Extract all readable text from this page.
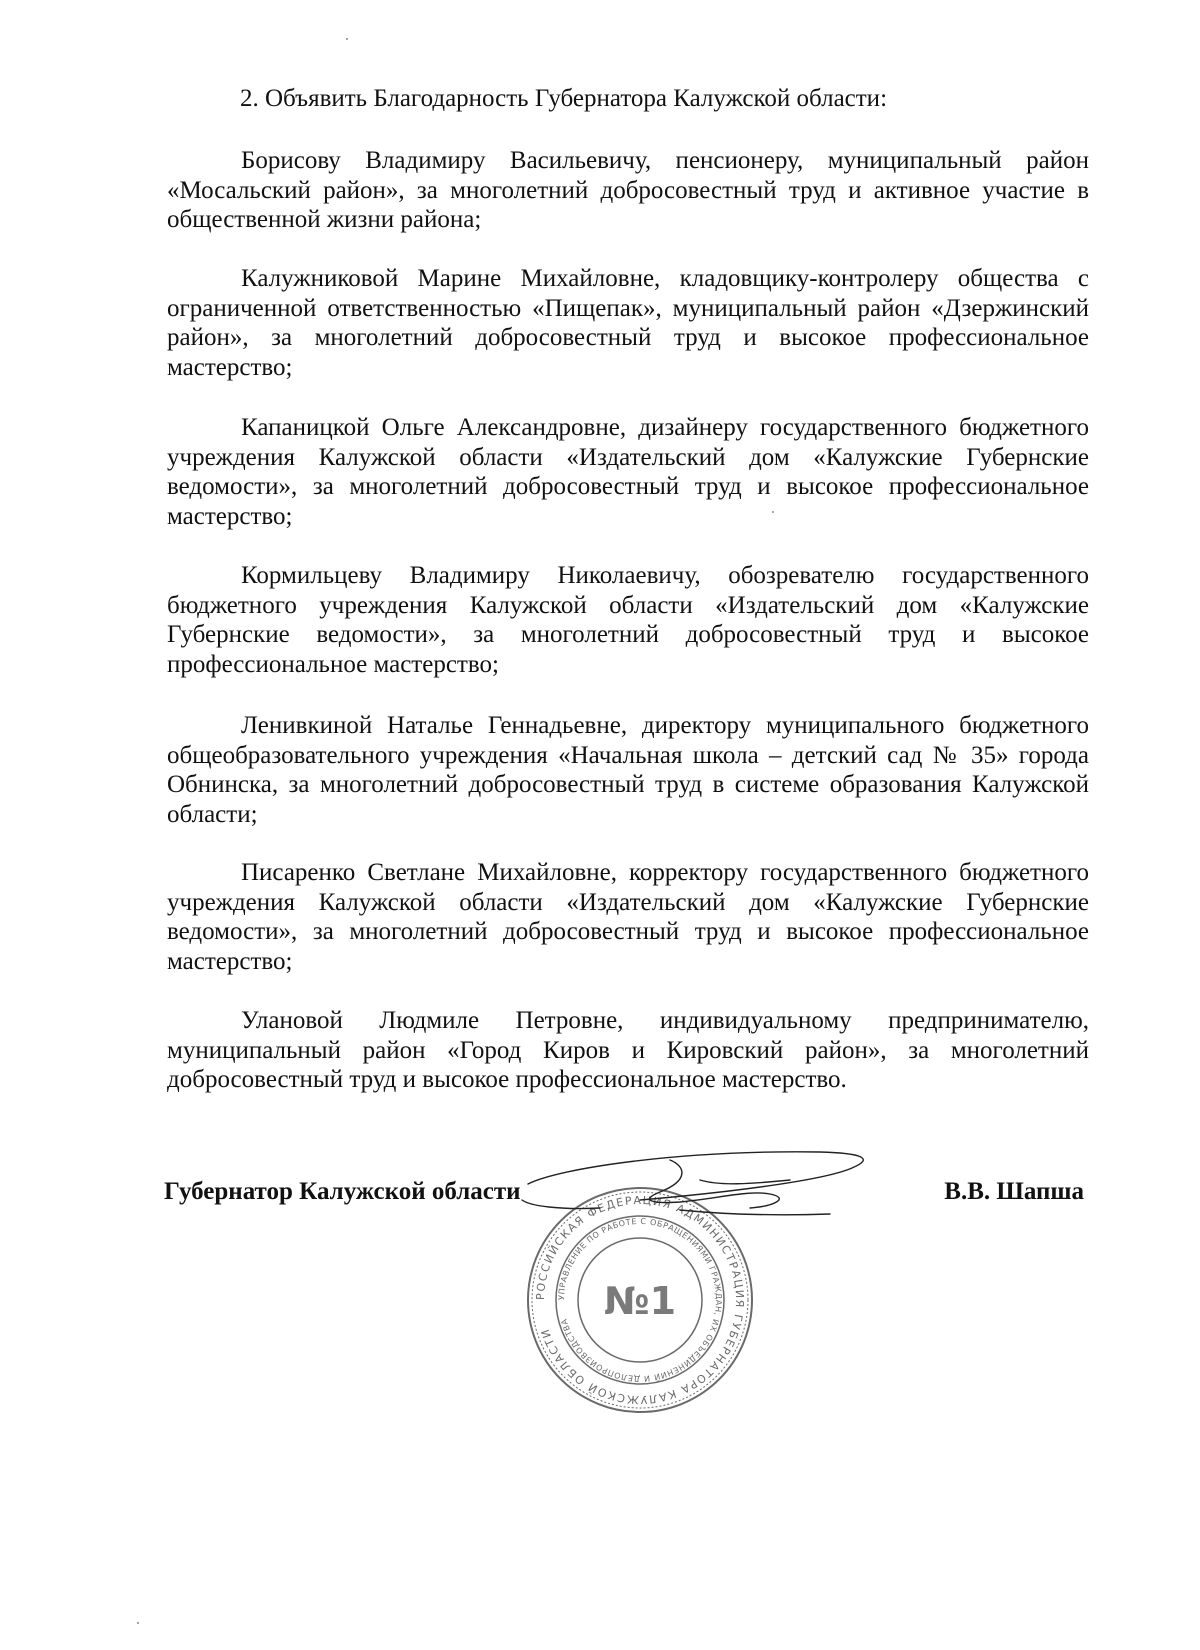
2. Объявить Благодарность Губернатора Калужской области:
Борисову Владимиру Васильевичу, пенсионеру, муниципальный район «Мосальский район», за многолетний добросовестный труд и активное участие в общественной жизни района;
Калужниковой Марине Михайловне, кладовщику-контролеру общества с ограниченной ответственностью «Пищепак», муниципальный район «Дзержинский район», за многолетний добросовестный труд и высокое профессиональное мастерство;
Капаницкой Ольге Александровне, дизайнеру государственного бюджетного учреждения Калужской области «Издательский дом «Калужские Губернские ведомости», за многолетний добросовестный труд и высокое профессиональное мастерство;
Кормильцеву Владимиру Николаевичу, обозревателю государственного бюджетного учреждения Калужской области «Издательский дом «Калужские Губернские ведомости», за многолетний добросовестный труд и высокое профессиональное мастерство;
Ленивкиной Наталье Геннадьевне, директору муниципального бюджетного общеобразовательного учреждения «Начальная школа – детский сад № 35» города Обнинска, за многолетний добросовестный труд в системе образования Калужской области;
Писаренко Светлане Михайловне, корректору государственного бюджетного учреждения Калужской области «Издательский дом «Калужские Губернские ведомости», за многолетний добросовестный труд и высокое профессиональное мастерство;
Улановой Людмиле Петровне, индивидуальному предпринимателю, муниципальный район «Город Киров и Кировский район», за многолетний добросовестный труд и высокое профессиональное мастерство.
РОССИЙСКАЯ ФЕДЕРАЦИЯ АДМИНИСТРАЦИЯ ГУБЕРНАТОРА КАЛУЖСКОЙ ОБЛАСТИ
УПРАВЛЕНИЕ ПО РАБОТЕ С ОБРАЩЕНИЯМИ ГРАЖДАН, ИХ ОБЪЕДИНЕНИЙ И ДЕЛОПРОИЗВОДСТВА №1
Губернатор Калужской области	В.В. Шапша
